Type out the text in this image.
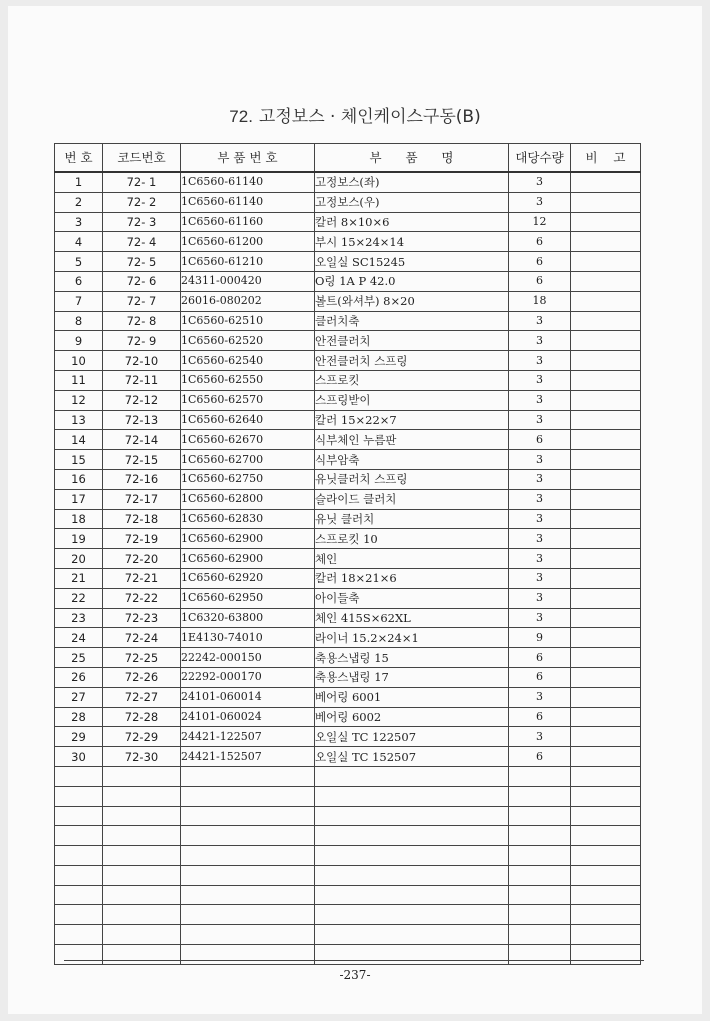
72. 고정보스 · 체인케이스구동(B)
번 호	코드번호	부 품 번 호	부      품      명	대당수량	비    고
1	72- 1	1C6560-61140	고정보스(좌)	3	
2	72- 2	1C6560-61140	고정보스(우)	3	
3	72- 3	1C6560-61160	칼러 8×10×6	12	
4	72- 4	1C6560-61200	부시 15×24×14	6	
5	72- 5	1C6560-61210	오일실 SC15245	6	
6	72- 6	24311-000420	O링 1A P 42.0	6	
7	72- 7	26016-080202	볼트(와셔부) 8×20	18	
8	72- 8	1C6560-62510	클러치축	3	
9	72- 9	1C6560-62520	안전클러치	3	
10	72-10	1C6560-62540	안전클러치 스프링	3	
11	72-11	1C6560-62550	스프로킷	3	
12	72-12	1C6560-62570	스프링받이	3	
13	72-13	1C6560-62640	칼러 15×22×7	3	
14	72-14	1C6560-62670	식부체인 누름판	6	
15	72-15	1C6560-62700	식부암축	3	
16	72-16	1C6560-62750	유닛클러치 스프링	3	
17	72-17	1C6560-62800	슬라이드 클러치	3	
18	72-18	1C6560-62830	유닛 클러치	3	
19	72-19	1C6560-62900	스프로킷 10	3	
20	72-20	1C6560-62900	체인	3	
21	72-21	1C6560-62920	칼러 18×21×6	3	
22	72-22	1C6560-62950	아이들축	3	
23	72-23	1C6320-63800	체인 415S×62XL	3	
24	72-24	1E4130-74010	라이너 15.2×24×1	9	
25	72-25	22242-000150	축용스냅링 15	6	
26	72-26	22292-000170	축용스냅링 17	6	
27	72-27	24101-060014	베어링 6001	3	
28	72-28	24101-060024	베어링 6002	6	
29	72-29	24421-122507	오일실 TC 122507	3	
30	72-30	24421-152507	오일실 TC 152507	6	

-237-
